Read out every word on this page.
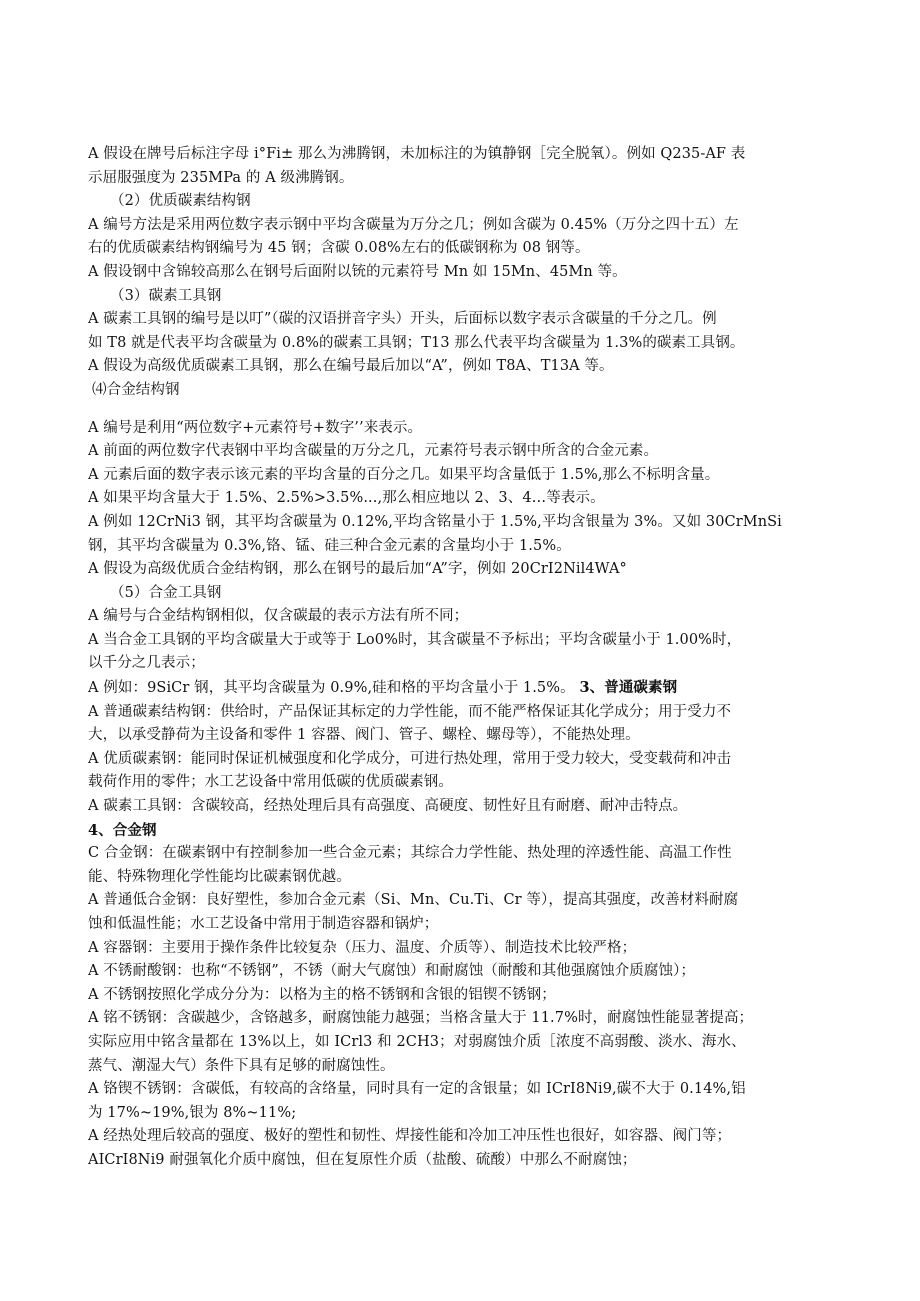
A 假设在牌号后标注字母 i°Fi± 那么为沸腾钢，未加标注的为镇静钢［完全脱氧）。例如 Q235-AF 表
示屈服强度为 235MPa 的 A 级沸腾钢。
（2）优质碳素结构钢
A 编号方法是采用两位数字表示钢中平均含碳量为万分之几；例如含碳为 0.45%（万分之四十五）左
右的优质碳素结构钢编号为 45 钢；含碳 0.08%左右的低碳钢称为 08 钢等。
A 假设钢中含锦较高那么在钢号后面附以铳的元素符号 Mn 如 15Mn、45Mn 等。
（3）碳素工具钢
A 碳素工具钢的编号是以叮”（碳的汉语拼音字头）开头，后面标以数字表示含碳量的千分之几。例
如 T8 就是代表平均含碳量为 0.8%的碳素工具钢；T13 那么代表平均含碳量为 1.3%的碳素工具钢。
A 假设为高级优质碳素工具钢，那么在编号最后加以“A”，例如 T8A、T13A 等。
⑷合金结构钢
A 编号是利用“两位数字+元素符号+数字’’来表示。
A 前面的两位数字代表钢中平均含碳量的万分之几，元素符号表示钢中所含的合金元素。
A 元素后面的数字表示该元素的平均含量的百分之几。如果平均含量低于 1.5%,那么不标明含量。
A 如果平均含量大于 1.5%、2.5%>3.5%...,那么相应地以 2、3、4…等表示。
A 例如 12CrNi3 钢，其平均含碳量为 0.12%,平均含铭量小于 1.5%,平均含银量为 3%。又如 30CrMnSi
钢，其平均含碳量为 0.3%,铬、锰、硅三种合金元素的含量均小于 1.5%。
A 假设为高级优质合金结构钢，那么在钢号的最后加“A”字，例如 20CrI2Nil4WA°
（5）合金工具钢
A 编号与合金结构钢相似，仅含碳最的表示方法有所不同；
A 当合金工具钢的平均含碳量大于或等于 Lo0%时，其含碳量不予标出；平均含碳量小于 1.00%时，
以千分之几表示；
A 例如：9SiCr 钢，其平均含碳量为 0.9%,硅和格的平均含量小于 1.5%。 3、普通碳素钢
A 普通碳素结构钢：供给时，产品保证其标定的力学性能，而不能严格保证其化学成分；用于受力不
大，以承受静荷为主设备和零件 1 容器、阀门、管子、螺栓、螺母等），不能热处理。
A 优质碳素钢：能同时保证机械强度和化学成分，可进行热处理，常用于受力较大，受变载荷和冲击
载荷作用的零件；水工艺设备中常用低碳的优质碳素钢。
A 碳素工具钢：含碳较高，经热处理后具有高强度、高硬度、韧性好且有耐磨、耐冲击特点。
4、合金钢
C 合金钢：在碳素钢中有控制参加一些合金元素；其综合力学性能、热处理的淬透性能、高温工作性
能、特殊物理化学性能均比碳素钢优越。
A 普通低合金钢：良好塑性，参加合金元素（Si、Mn、Cu.Ti、Cr 等），提高其强度，改善材料耐腐
蚀和低温性能；水工艺设备中常用于制造容器和锅炉；
A 容器钢：主要用于操作条件比较复杂（压力、温度、介质等）、制造技术比较严格；
A 不锈耐酸钢：也称“不锈钢”，不锈（耐大气腐蚀）和耐腐蚀（耐酸和其他强腐蚀介质腐蚀）；
A 不锈钢按照化学成分分为：以格为主的格不锈钢和含银的铝锲不锈钢；
A 铭不锈钢：含碳越少，含铬越多，耐腐蚀能力越强；当格含量大于 11.7%时，耐腐蚀性能显著提高；
实际应用中铭含量都在 13%以上，如 ICrl3 和 2CH3；对弱腐蚀介质［浓度不高弱酸、淡水、海水、
蒸气、潮湿大气）条件下具有足够的耐腐蚀性。
A 铬锲不锈钢：含碳低，有较高的含络量，同时具有一定的含银量；如 ICrI8Ni9,碳不大于 0.14%,铝
为 17%~19%,银为 8%~11%;
A 经热处理后较高的强度、极好的塑性和韧性、焊接性能和冷加工冲压性也很好，如容器、阀门等；
AICrI8Ni9 耐强氧化介质中腐蚀，但在复原性介质（盐酸、硫酸）中那么不耐腐蚀；
